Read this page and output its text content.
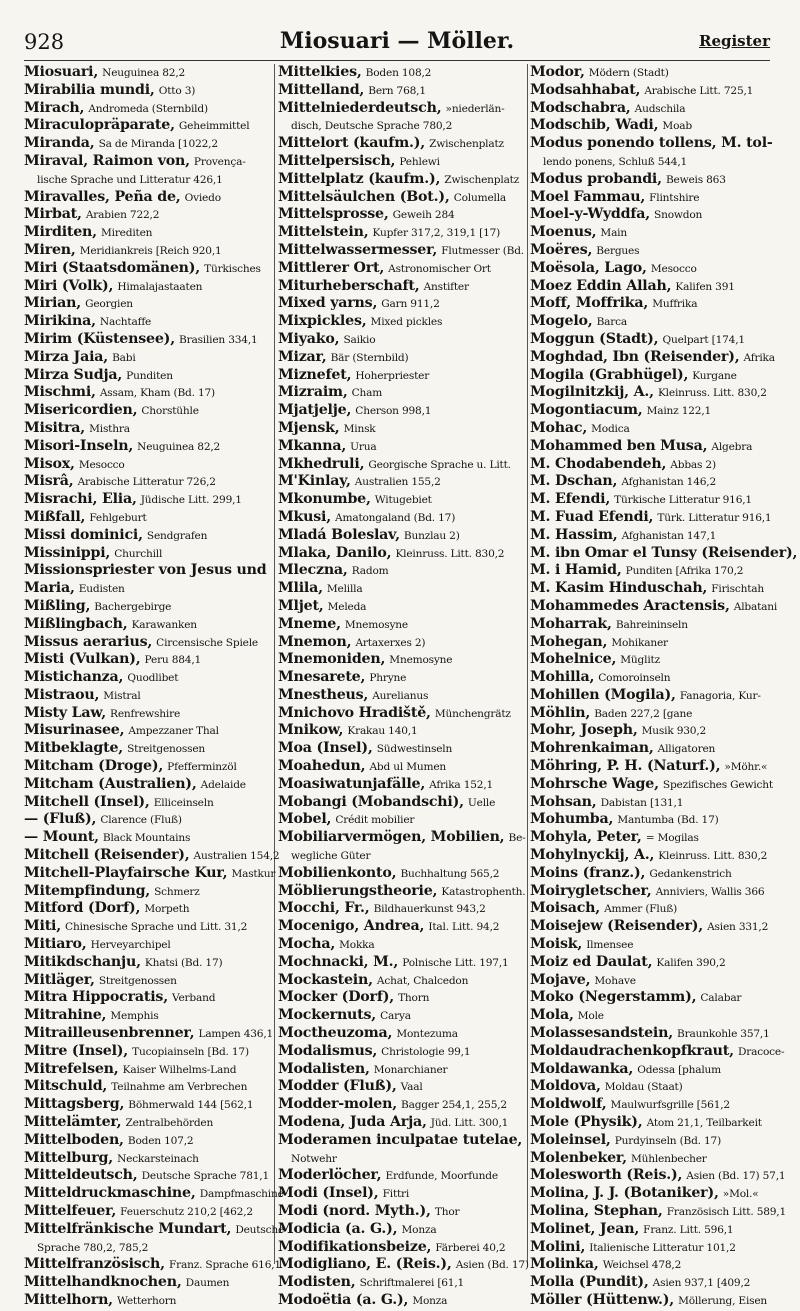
928	Miosuari — Möller.	Register
Miosuari, Neuguinea 82,2
Mirabilia mundi, Otto 3)
Mirach, Andromeda (Sternbild)
Miraculopräparate, Geheimmittel
Miranda, Sa de Miranda [1022,2
Miraval, Raimon von, Provença-
lische Sprache und Litteratur 426,1
Miravalles, Peña de, Oviedo
Mirbat, Arabien 722,2
Mirditen, Mirediten
Miren, Meridiankreis [Reich 920,1
Miri (Staatsdomänen), Türkisches
Miri (Volk), Himalajastaaten
Mirian, Georgien
Mirikina, Nachtaffe
Mirim (Küstensee), Brasilien 334,1
Mirza Jaia, Babi
Mirza Sudja, Punditen
Mischmi, Assam, Kham (Bd. 17)
Misericordien, Chorstühle
Misitra, Misthra
Misori-Inseln, Neuguinea 82,2
Misox, Mesocco
Misrâ, Arabische Litteratur 726,2
Misrachi, Elia, Jüdische Litt. 299,1
Mißfall, Fehlgeburt
Missi dominici, Sendgrafen
Missinippi, Churchill
Missionspriester von Jesus und
Maria, Eudisten
Mißling, Bachergebirge
Mißlingbach, Karawanken
Missus aerarius, Circensische Spiele
Misti (Vulkan), Peru 884,1
Mistichanza, Quodlibet
Mistraou, Mistral
Misty Law, Renfrewshire
Misurinasee, Ampezzaner Thal
Mitbeklagte, Streitgenossen
Mitcham (Droge), Pfefferminzöl
Mitcham (Australien), Adelaide
Mitchell (Insel), Elliceinseln
— (Fluß), Clarence (Fluß)
— Mount, Black Mountains
Mitchell (Reisender), Australien 154,2
Mitchell-Playfairsche Kur, Mastkur
Mitempfindung, Schmerz
Mitford (Dorf), Morpeth
Miti, Chinesische Sprache und Litt. 31,2
Mitiaro, Herveyarchipel
Mitikdschanju, Khatsi (Bd. 17)
Mitläger, Streitgenossen
Mitra Hippocratis, Verband
Mitrahine, Memphis
Mitrailleusenbrenner, Lampen 436,1
Mitre (Insel), Tucopiainseln [Bd. 17)
Mitrefelsen, Kaiser Wilhelms-Land
Mitschuld, Teilnahme am Verbrechen
Mittagsberg, Böhmerwald 144 [562,1
Mittelämter, Zentralbehörden
Mittelboden, Boden 107,2
Mittelburg, Neckarsteinach
Mitteldeutsch, Deutsche Sprache 781,1
Mitteldruckmaschine, Dampfmaschine
Mittelfeuer, Feuerschutz 210,2 [462,2
Mittelfränkische Mundart, Deutsche
Sprache 780,2, 785,2
Mittelfranzösisch, Franz. Sprache 616,1
Mittelhandknochen, Daumen
Mittelhorn, Wetterhorn
Mittelkies, Boden 108,2
Mittelland, Bern 768,1
Mittelniederdeutsch, »niederlän-
disch, Deutsche Sprache 780,2
Mittelort (kaufm.), Zwischenplatz
Mittelpersisch, Pehlewi
Mittelplatz (kaufm.), Zwischenplatz
Mittelsäulchen (Bot.), Columella
Mittelsprosse, Geweih 284
Mittelstein, Kupfer 317,2, 319,1 [17)
Mittelwassermesser, Flutmesser (Bd.
Mittlerer Ort, Astronomischer Ort
Miturheberschaft, Anstifter
Mixed yarns, Garn 911,2
Mixpickles, Mixed pickles
Miyako, Saikio
Mizar, Bär (Sternbild)
Miznefet, Hoherpriester
Mizraim, Cham
Mjatjelje, Cherson 998,1
Mjensk, Minsk
Mkanna, Urua
Mkhedruli, Georgische Sprache u. Litt.
M'Kinlay, Australien 155,2
Mkonumbe, Witugebiet
Mkusi, Amatongaland (Bd. 17)
Mladá Boleslav, Bunzlau 2)
Mlaka, Danilo, Kleinruss. Litt. 830,2
Mleczna, Radom
Mlila, Melilla
Mljet, Meleda
Mneme, Mnemosyne
Mnemon, Artaxerxes 2)
Mnemoniden, Mnemosyne
Mnesarete, Phryne
Mnestheus, Aurelianus
Mnichovo Hradiště, Münchengrätz
Mnikow, Krakau 140,1
Moa (Insel), Südwestinseln
Moahedun, Abd ul Mumen
Moasiwatunjafälle, Afrika 152,1
Mobangi (Mobandschi), Uelle
Mobel, Crédit mobilier
Mobiliarvermögen, Mobilien, Be-
wegliche Güter
Mobilienkonto, Buchhaltung 565,2
Möblierungstheorie, Katastrophenth.
Mocchi, Fr., Bildhauerkunst 943,2
Mocenigo, Andrea, Ital. Litt. 94,2
Mocha, Mokka
Mochnacki, M., Polnische Litt. 197,1
Mockastein, Achat, Chalcedon
Mocker (Dorf), Thorn
Mockernuts, Carya
Moctheuzoma, Montezuma
Modalismus, Christologie 99,1
Modalisten, Monarchianer
Modder (Fluß), Vaal
Modder-molen, Bagger 254,1, 255,2
Modena, Juda Arja, Jüd. Litt. 300,1
Moderamen inculpatae tutelae,
Notwehr
Moderlöcher, Erdfunde, Moorfunde
Modi (Insel), Fittri
Modi (nord. Myth.), Thor
Modicia (a. G.), Monza
Modifikationsbeize, Färberei 40,2
Modigliano, E. (Reis.), Asien (Bd. 17)
Modisten, Schriftmalerei [61,1
Modoëtia (a. G.), Monza
Modor, Mödern (Stadt)
Modsahhabat, Arabische Litt. 725,1
Modschabra, Audschila
Modschib, Wadi, Moab
Modus ponendo tollens, M. tol-
lendo ponens, Schluß 544,1
Modus probandi, Beweis 863
Moel Fammau, Flintshire
Moel-y-Wyddfa, Snowdon
Moenus, Main
Moëres, Bergues
Moësola, Lago, Mesocco
Moez Eddin Allah, Kalifen 391
Moff, Moffrika, Muffrika
Mogelo, Barca
Moggun (Stadt), Quelpart [174,1
Moghdad, Ibn (Reisender), Afrika
Mogila (Grabhügel), Kurgane
Mogilnitzkij, A., Kleinruss. Litt. 830,2
Mogontiacum, Mainz 122,1
Mohac, Modica
Mohammed ben Musa, Algebra
M. Chodabendeh, Abbas 2)
M. Dschan, Afghanistan 146,2
M. Efendi, Türkische Litteratur 916,1
M. Fuad Efendi, Türk. Litteratur 916,1
M. Hassim, Afghanistan 147,1
M. ibn Omar el Tunsy (Reisender),
M. i Hamid, Punditen [Afrika 170,2
M. Kasim Hinduschah, Firischtah
Mohammedes Aractensis, Albatani
Moharrak, Bahreininseln
Mohegan, Mohikaner
Mohelnice, Müglitz
Mohilla, Comoroinseln
Mohillen (Mogila), Fanagoria, Kur-
Möhlin, Baden 227,2 [gane
Mohr, Joseph, Musik 930,2
Mohrenkaiman, Alligatoren
Möhring, P. H. (Naturf.), »Möhr.«
Mohrsche Wage, Spezifisches Gewicht
Mohsan, Dabistan [131,1
Mohumba, Mantumba (Bd. 17)
Mohyla, Peter, = Mogilas
Mohylnyckij, A., Kleinruss. Litt. 830,2
Moins (franz.), Gedankenstrich
Moirygletscher, Anniviers, Wallis 366
Moisach, Ammer (Fluß)
Moisejew (Reisender), Asien 331,2
Moisk, Ilmensee
Moiz ed Daulat, Kalifen 390,2
Mojave, Mohave
Moko (Negerstamm), Calabar
Mola, Mole
Molassesandstein, Braunkohle 357,1
Moldaudrachenkopfkraut, Dracoce-
Moldawanka, Odessa [phalum
Moldova, Moldau (Staat)
Moldwolf, Maulwurfsgrille [561,2
Mole (Physik), Atom 21,1, Teilbarkeit
Moleinsel, Purdyinseln (Bd. 17)
Molenbeker, Mühlenbecher
Molesworth (Reis.), Asien (Bd. 17) 57,1
Molina, J. J. (Botaniker), »Mol.«
Molina, Stephan, Französisch Litt. 589,1
Molinet, Jean, Franz. Litt. 596,1
Molini, Italienische Litteratur 101,2
Molinka, Weichsel 478,2
Molla (Pundit), Asien 937,1 [409,2
Möller (Hüttenw.), Möllerung, Eisen
